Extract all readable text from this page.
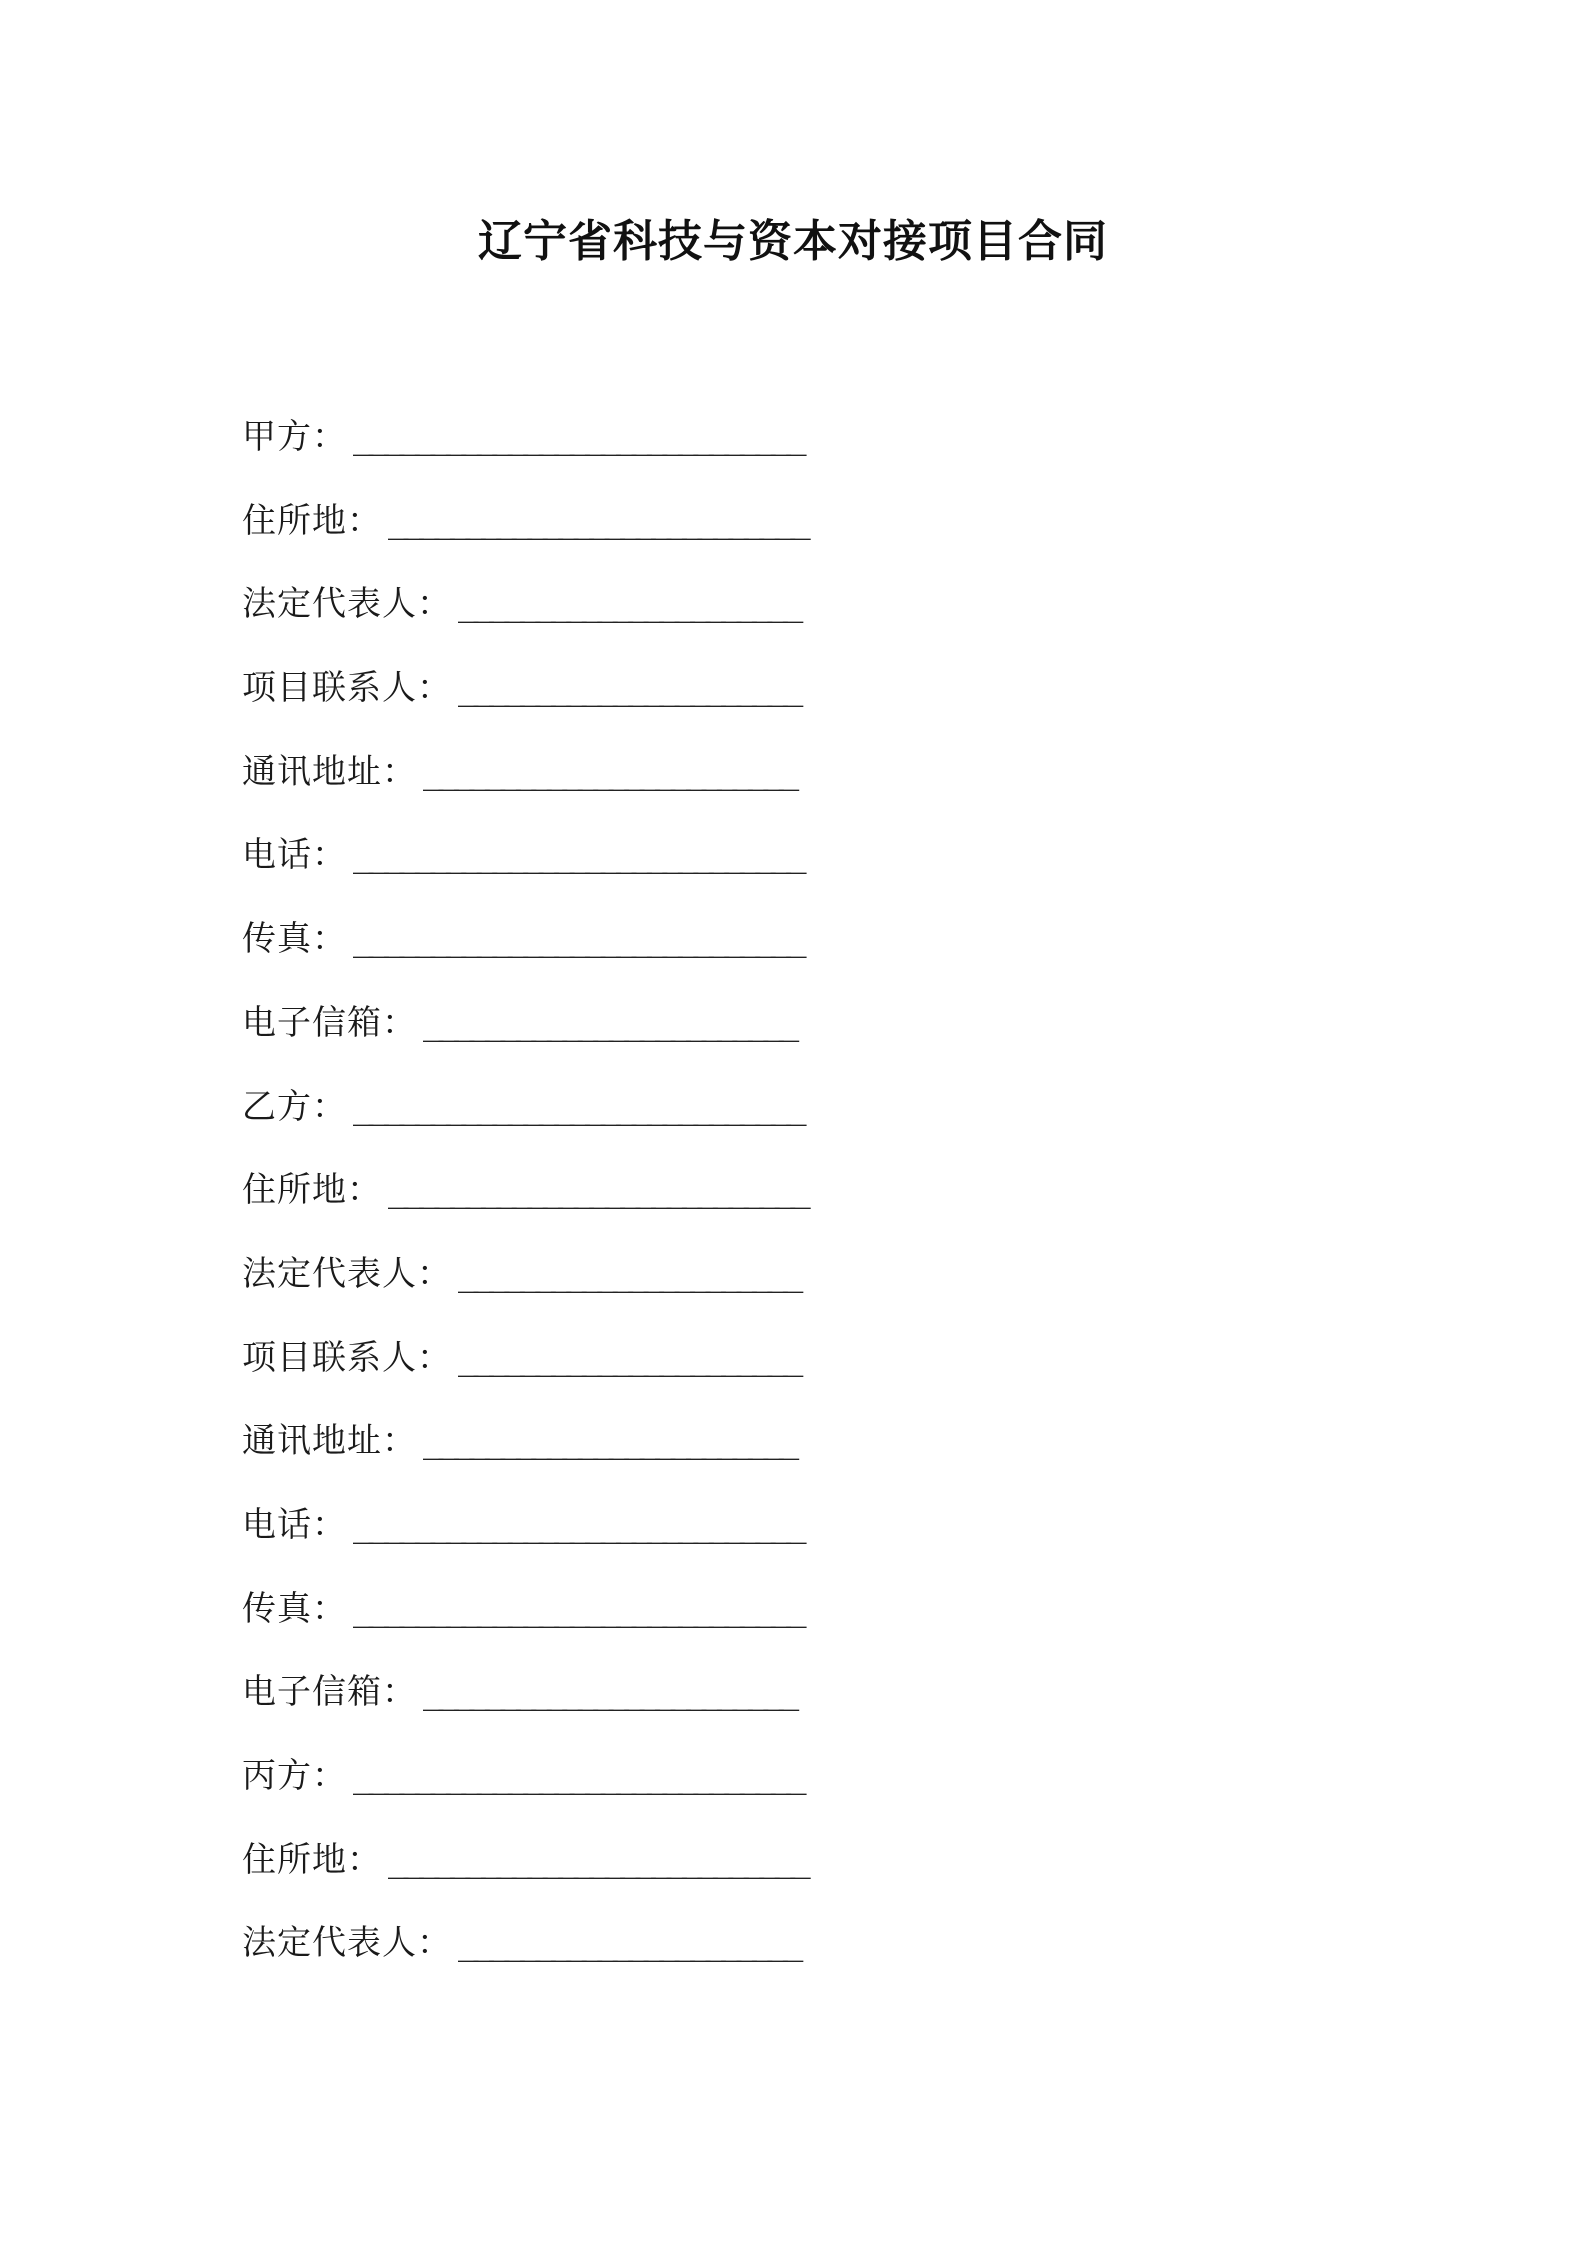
辽宁省科技与资本对接项目合同
甲方： _____________________________
住所地： ___________________________
法定代表人： ______________________
项目联系人： ______________________
通讯地址： ________________________
电话： _____________________________
传真： _____________________________
电子信箱： ________________________
乙方： _____________________________
住所地： ___________________________
法定代表人： ______________________
项目联系人： ______________________
通讯地址： ________________________
电话： _____________________________
传真： _____________________________
电子信箱： ________________________
丙方： _____________________________
住所地： ___________________________
法定代表人： ______________________
